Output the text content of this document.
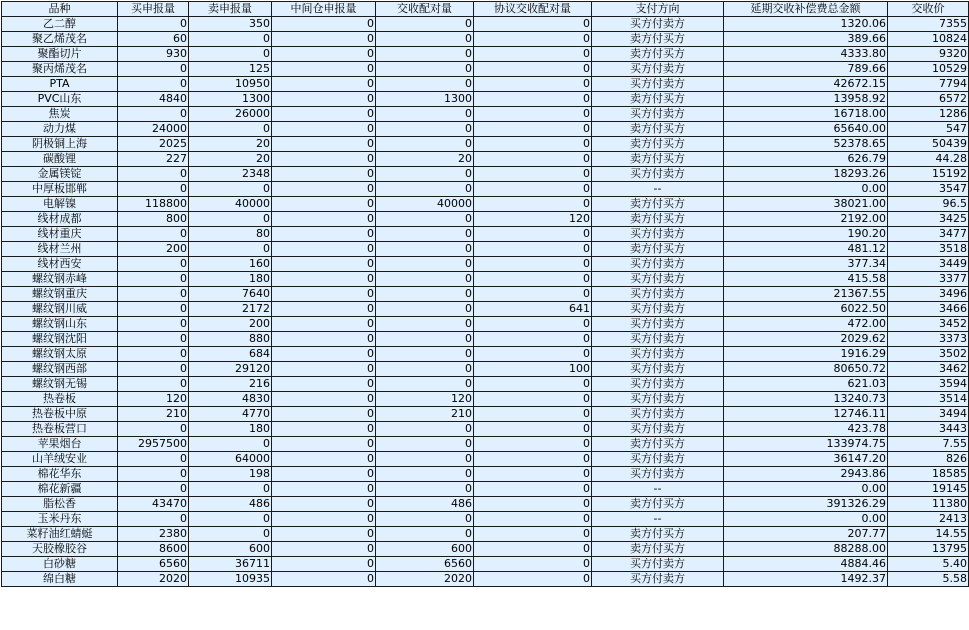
品种	买申报量	卖申报量	中间仓申报量	交收配对量	协议交收配对量	支付方向	延期交收补偿费总金额	交收价
乙二醇	0	350	0	0	0	买方付卖方	1320.06	7355
聚乙烯茂名	60	0	0	0	0	卖方付买方	389.66	10824
聚酯切片	930	0	0	0	0	卖方付买方	4333.80	9320
聚丙烯茂名	0	125	0	0	0	买方付卖方	789.66	10529
PTA	0	10950	0	0	0	买方付卖方	42672.15	7794
PVC山东	4840	1300	0	1300	0	卖方付买方	13958.92	6572
焦炭	0	26000	0	0	0	买方付卖方	16718.00	1286
动力煤	24000	0	0	0	0	卖方付买方	65640.00	547
阴极铜上海	2025	20	0	0	0	卖方付买方	52378.65	50439
碳酸锂	227	20	0	20	0	卖方付买方	626.79	44.28
金属镁锭	0	2348	0	0	0	买方付卖方	18293.26	15192
中厚板邯郸	0	0	0	0	0	--	0.00	3547
电解镍	118800	40000	0	40000	0	卖方付买方	38021.00	96.5
线材成都	800	0	0	0	120	卖方付买方	2192.00	3425
线材重庆	0	80	0	0	0	买方付卖方	190.20	3477
线材兰州	200	0	0	0	0	卖方付买方	481.12	3518
线材西安	0	160	0	0	0	买方付卖方	377.34	3449
螺纹钢赤峰	0	180	0	0	0	买方付卖方	415.58	3377
螺纹钢重庆	0	7640	0	0	0	买方付卖方	21367.55	3496
螺纹钢川威	0	2172	0	0	641	买方付卖方	6022.50	3466
螺纹钢山东	0	200	0	0	0	买方付卖方	472.00	3452
螺纹钢沈阳	0	880	0	0	0	买方付卖方	2029.62	3373
螺纹钢太原	0	684	0	0	0	买方付卖方	1916.29	3502
螺纹钢西部	0	29120	0	0	100	买方付卖方	80650.72	3462
螺纹钢无锡	0	216	0	0	0	买方付卖方	621.03	3594
热卷板	120	4830	0	120	0	买方付卖方	13240.73	3514
热卷板中原	210	4770	0	210	0	买方付卖方	12746.11	3494
热卷板营口	0	180	0	0	0	买方付卖方	423.78	3443
苹果烟台	2957500	0	0	0	0	卖方付买方	133974.75	7.55
山羊绒安业	0	64000	0	0	0	买方付卖方	36147.20	826
棉花华东	0	198	0	0	0	买方付卖方	2943.86	18585
棉花新疆	0	0	0	0	0	--	0.00	19145
脂松香	43470	486	0	486	0	卖方付买方	391326.29	11380
玉米丹东	0	0	0	0	0	--	0.00	2413
菜籽油红蜻蜓	2380	0	0	0	0	卖方付买方	207.77	14.55
天胶橡胶谷	8600	600	0	600	0	卖方付买方	88288.00	13795
白砂糖	6560	36711	0	6560	0	买方付卖方	4884.46	5.40
绵白糖	2020	10935	0	2020	0	买方付卖方	1492.37	5.58
